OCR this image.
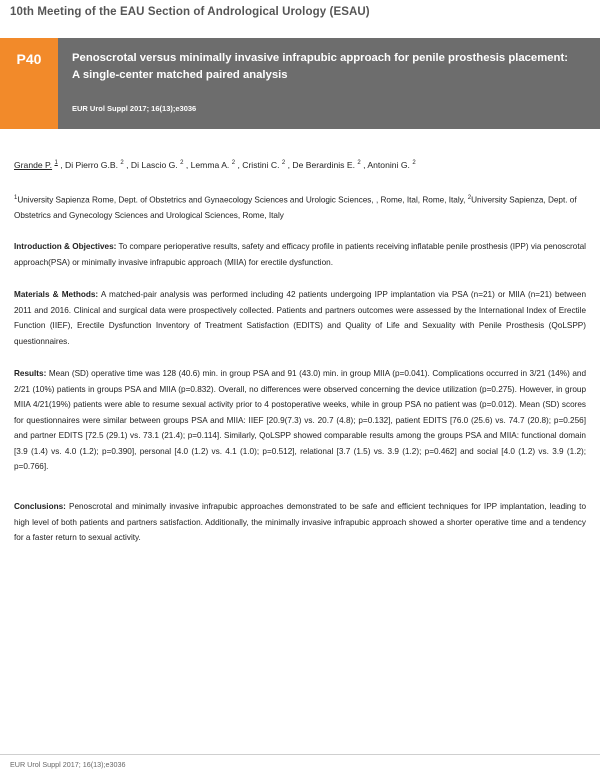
10th Meeting of the EAU Section of Andrological Urology (ESAU)
P40	Penoscrotal versus minimally invasive infrapubic approach for penile prosthesis placement: A single-center matched paired analysis
EUR Urol Suppl 2017; 16(13);e3036
Grande P. $^1$ , Di Pierro G.B. $^2$ , Di Lascio G. $^2$ , Lemma A. $^2$ , Cristini C. $^2$ , De Berardinis E. $^2$ , Antonini G. $^2$
$^1$University Sapienza Rome, Dept. of Obstetrics and Gynaecology Sciences and Urologic Sciences, , Rome, Ital, Rome, Italy, $^2$University Sapienza, Dept. of Obstetrics and Gynecology Sciences and Urological Sciences, Rome, Italy
Introduction & Objectives: To compare perioperative results, safety and efficacy profile in patients receiving inflatable penile prosthesis (IPP) via penoscrotal approach(PSA) or minimally invasive infrapubic approach (MIIA) for erectile dysfunction.
Materials & Methods: A matched-pair analysis was performed including 42 patients undergoing IPP implantation via PSA (n=21) or MIIA (n=21) between 2011 and 2016. Clinical and surgical data were prospectively collected. Patients and partners outcomes were assessed by the International Index of Erectile Function (IIEF), Erectile Dysfunction Inventory of Treatment Satisfaction (EDITS) and Quality of Life and Sexuality with Penile Prosthesis (QoLSPP) questionnaires.
Results: Mean (SD) operative time was 128 (40.6) min. in group PSA and 91 (43.0) min. in group MIIA (p=0.041). Complications occurred in 3/21 (14%) and 2/21 (10%) patients in groups PSA and MIIA (p=0.832). Overall, no differences were observed concerning the device utilization (p=0.275). However, in group MIIA 4/21(19%) patients were able to resume sexual activity prior to 4 postoperative weeks, while in group PSA no patient was (p=0.012). Mean (SD) scores for questionnaires were similar between groups PSA and MIIA: IIEF [20.9(7.3) vs. 20.7 (4.8); p=0.132], patient EDITS [76.0 (25.6) vs. 74.7 (20.8); p=0.256] and partner EDITS [72.5 (29.1) vs. 73.1 (21.4); p=0.114]. Similarly, QoLSPP showed comparable results among the groups PSA and MIIA: functional domain [3.9 (1.4) vs. 4.0 (1.2); p=0.390], personal [4.0 (1.2) vs. 4.1 (1.0); p=0.512], relational [3.7 (1.5) vs. 3.9 (1.2); p=0.462] and social [4.0 (1.2) vs. 3.9 (1.2); p=0.766].
Conclusions: Penoscrotal and minimally invasive infrapubic approaches demonstrated to be safe and efficient techniques for IPP implantation, leading to high level of both patients and partners satisfaction. Additionally, the minimally invasive infrapubic approach showed a shorter operative time and a tendency for a faster return to sexual activity.
EUR Urol Suppl 2017; 16(13);e3036
